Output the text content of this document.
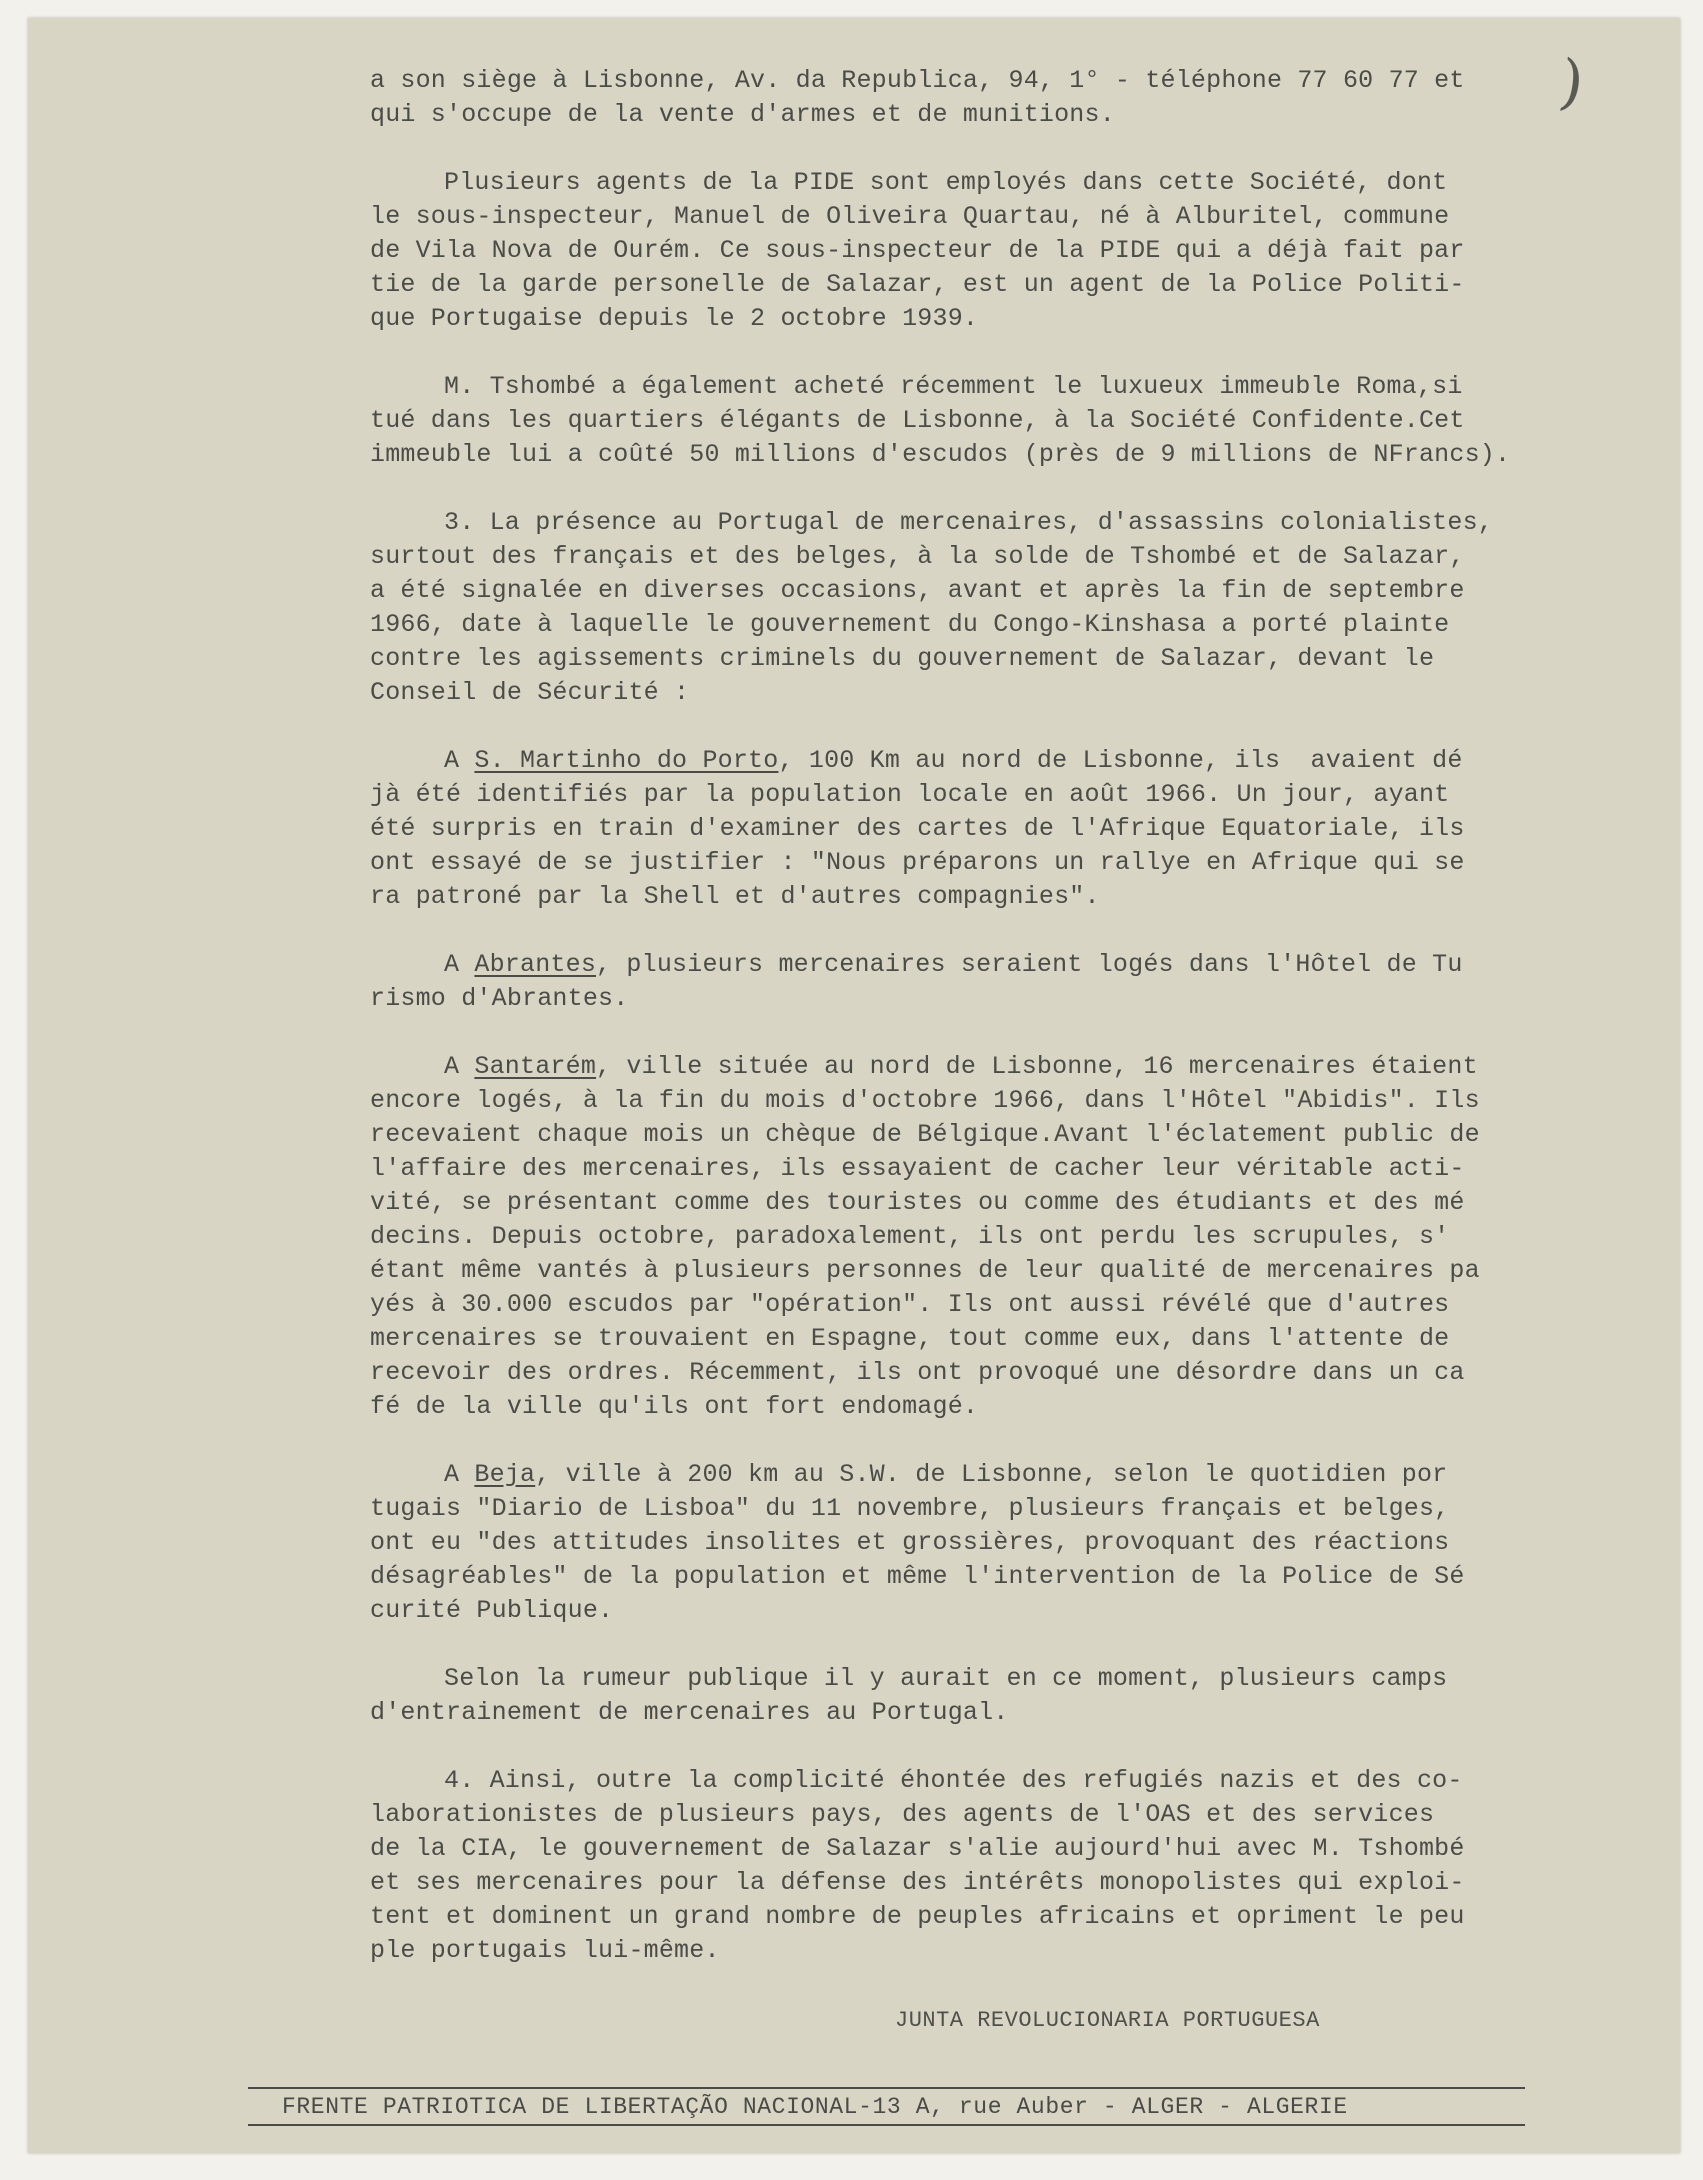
)
a son siège à Lisbonne, Av. da Republica, 94, 1° - téléphone 77 60 77 et
qui s'occupe de la vente d'armes et de munitions.
Plusieurs agents de la PIDE sont employés dans cette Société, dont
le sous-inspecteur, Manuel de Oliveira Quartau, né à Alburitel, commune
de Vila Nova de Ourém. Ce sous-inspecteur de la PIDE qui a déjà fait par
tie de la garde personelle de Salazar, est un agent de la Police Politi-
que Portugaise depuis le 2 octobre 1939.
M. Tshombé a également acheté récemment le luxueux immeuble Roma,si
tué dans les quartiers élégants de Lisbonne, à la Société Confidente.Cet
immeuble lui a coûté 50 millions d'escudos (près de 9 millions de NFrancs).
3. La présence au Portugal de mercenaires, d'assassins colonialistes,
surtout des français et des belges, à la solde de Tshombé et de Salazar,
a été signalée en diverses occasions, avant et après la fin de septembre
1966, date à laquelle le gouvernement du Congo-Kinshasa a porté plainte
contre les agissements criminels du gouvernement de Salazar, devant le
Conseil de Sécurité :
A S. Martinho do Porto, 100 Km au nord de Lisbonne, ils  avaient dé
jà été identifiés par la population locale en août 1966. Un jour, ayant
été surpris en train d'examiner des cartes de l'Afrique Equatoriale, ils
ont essayé de se justifier : "Nous préparons un rallye en Afrique qui se
ra patroné par la Shell et d'autres compagnies".
A Abrantes, plusieurs mercenaires seraient logés dans l'Hôtel de Tu
rismo d'Abrantes.
A Santarém, ville située au nord de Lisbonne, 16 mercenaires étaient
encore logés, à la fin du mois d'octobre 1966, dans l'Hôtel "Abidis". Ils
recevaient chaque mois un chèque de Bélgique.Avant l'éclatement public de
l'affaire des mercenaires, ils essayaient de cacher leur véritable acti-
vité, se présentant comme des touristes ou comme des étudiants et des mé
decins. Depuis octobre, paradoxalement, ils ont perdu les scrupules, s'
étant même vantés à plusieurs personnes de leur qualité de mercenaires pa
yés à 30.000 escudos par "opération". Ils ont aussi révélé que d'autres
mercenaires se trouvaient en Espagne, tout comme eux, dans l'attente de
recevoir des ordres. Récemment, ils ont provoqué une désordre dans un ca
fé de la ville qu'ils ont fort endomagé.
A Beja, ville à 200 km au S.W. de Lisbonne, selon le quotidien por
tugais "Diario de Lisboa" du 11 novembre, plusieurs français et belges,
ont eu "des attitudes insolites et grossières, provoquant des réactions
désagréables" de la population et même l'intervention de la Police de Sé
curité Publique.
Selon la rumeur publique il y aurait en ce moment, plusieurs camps
d'entrainement de mercenaires au Portugal.
4. Ainsi, outre la complicité éhontée des refugiés nazis et des co-
laborationistes de plusieurs pays, des agents de l'OAS et des services
de la CIA, le gouvernement de Salazar s'alie aujourd'hui avec M. Tshombé
et ses mercenaires pour la défense des intérêts monopolistes qui exploi-
tent et dominent un grand nombre de peuples africains et opriment le peu
ple portugais lui-même.
JUNTA REVOLUCIONARIA PORTUGUESA
FRENTE PATRIOTICA DE LIBERTAÇÃO NACIONAL-13 A, rue Auber - ALGER - ALGERIE
